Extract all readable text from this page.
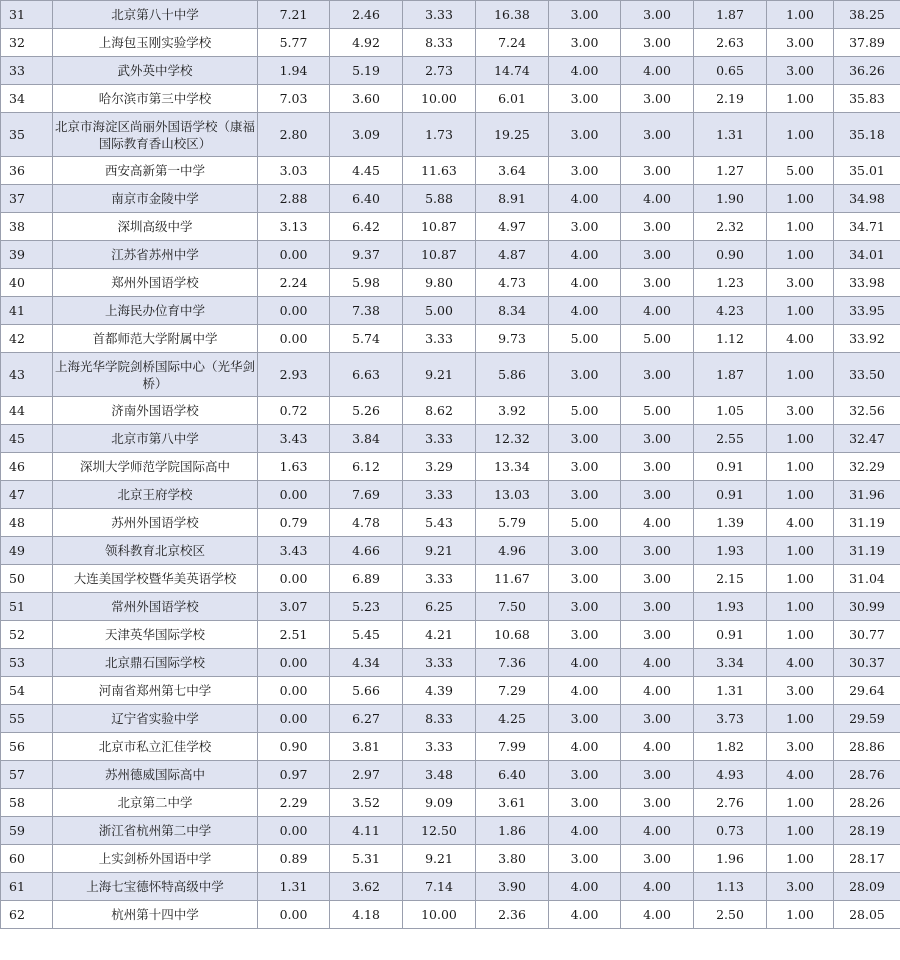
31	北京第八十中学	7.21	2.46	3.33	16.38	3.00	3.00	1.87	1.00	38.25
32	上海包玉刚实验学校	5.77	4.92	8.33	7.24	3.00	3.00	2.63	3.00	37.89
33	武外英中学校	1.94	5.19	2.73	14.74	4.00	4.00	0.65	3.00	36.26
34	哈尔滨市第三中学校	7.03	3.60	10.00	6.01	3.00	3.00	2.19	1.00	35.83
35	北京市海淀区尚丽外国语学校（康福国际教育香山校区）	2.80	3.09	1.73	19.25	3.00	3.00	1.31	1.00	35.18
36	西安高新第一中学	3.03	4.45	11.63	3.64	3.00	3.00	1.27	5.00	35.01
37	南京市金陵中学	2.88	6.40	5.88	8.91	4.00	4.00	1.90	1.00	34.98
38	深圳高级中学	3.13	6.42	10.87	4.97	3.00	3.00	2.32	1.00	34.71
39	江苏省苏州中学	0.00	9.37	10.87	4.87	4.00	3.00	0.90	1.00	34.01
40	郑州外国语学校	2.24	5.98	9.80	4.73	4.00	3.00	1.23	3.00	33.98
41	上海民办位育中学	0.00	7.38	5.00	8.34	4.00	4.00	4.23	1.00	33.95
42	首都师范大学附属中学	0.00	5.74	3.33	9.73	5.00	5.00	1.12	4.00	33.92
43	上海光华学院剑桥国际中心（光华剑桥）	2.93	6.63	9.21	5.86	3.00	3.00	1.87	1.00	33.50
44	济南外国语学校	0.72	5.26	8.62	3.92	5.00	5.00	1.05	3.00	32.56
45	北京市第八中学	3.43	3.84	3.33	12.32	3.00	3.00	2.55	1.00	32.47
46	深圳大学师范学院国际高中	1.63	6.12	3.29	13.34	3.00	3.00	0.91	1.00	32.29
47	北京王府学校	0.00	7.69	3.33	13.03	3.00	3.00	0.91	1.00	31.96
48	苏州外国语学校	0.79	4.78	5.43	5.79	5.00	4.00	1.39	4.00	31.19
49	领科教育北京校区	3.43	4.66	9.21	4.96	3.00	3.00	1.93	1.00	31.19
50	大连美国学校暨华美英语学校	0.00	6.89	3.33	11.67	3.00	3.00	2.15	1.00	31.04
51	常州外国语学校	3.07	5.23	6.25	7.50	3.00	3.00	1.93	1.00	30.99
52	天津英华国际学校	2.51	5.45	4.21	10.68	3.00	3.00	0.91	1.00	30.77
53	北京鼎石国际学校	0.00	4.34	3.33	7.36	4.00	4.00	3.34	4.00	30.37
54	河南省郑州第七中学	0.00	5.66	4.39	7.29	4.00	4.00	1.31	3.00	29.64
55	辽宁省实验中学	0.00	6.27	8.33	4.25	3.00	3.00	3.73	1.00	29.59
56	北京市私立汇佳学校	0.90	3.81	3.33	7.99	4.00	4.00	1.82	3.00	28.86
57	苏州德威国际高中	0.97	2.97	3.48	6.40	3.00	3.00	4.93	4.00	28.76
58	北京第二中学	2.29	3.52	9.09	3.61	3.00	3.00	2.76	1.00	28.26
59	浙江省杭州第二中学	0.00	4.11	12.50	1.86	4.00	4.00	0.73	1.00	28.19
60	上实剑桥外国语中学	0.89	5.31	9.21	3.80	3.00	3.00	1.96	1.00	28.17
61	上海七宝德怀特高级中学	1.31	3.62	7.14	3.90	4.00	4.00	1.13	3.00	28.09
62	杭州第十四中学	0.00	4.18	10.00	2.36	4.00	4.00	2.50	1.00	28.05
